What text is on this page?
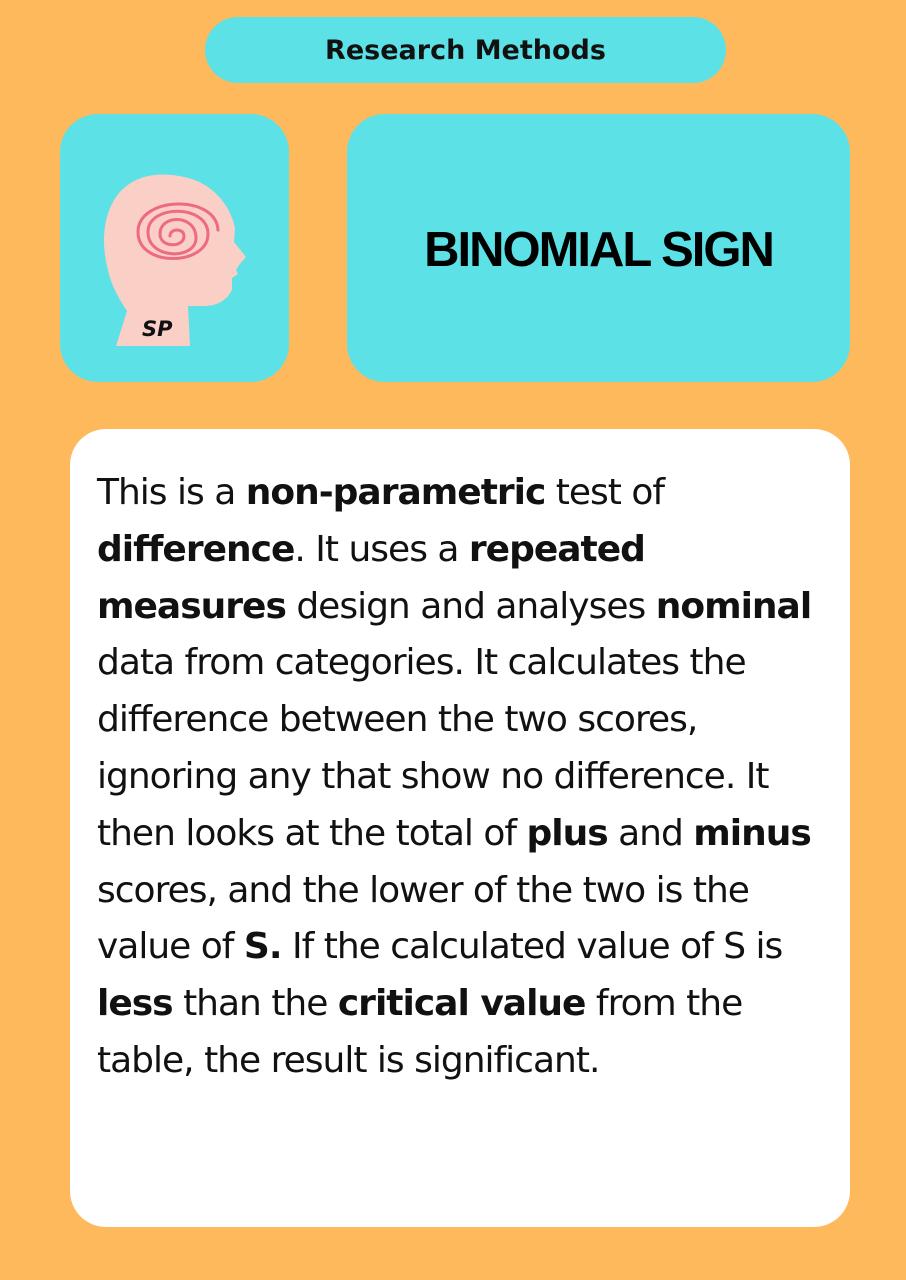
Research Methods
SP
BINOMIAL SIGN

This is a non-parametric test of difference. It uses a repeated measures design and analyses nominal data from categories. It calculates the difference between the two scores, ignoring any that show no difference. It then looks at the total of plus and minus scores, and the lower of the two is the value of S. If the calculated value of S is less than the critical value from the table, the result is significant.
